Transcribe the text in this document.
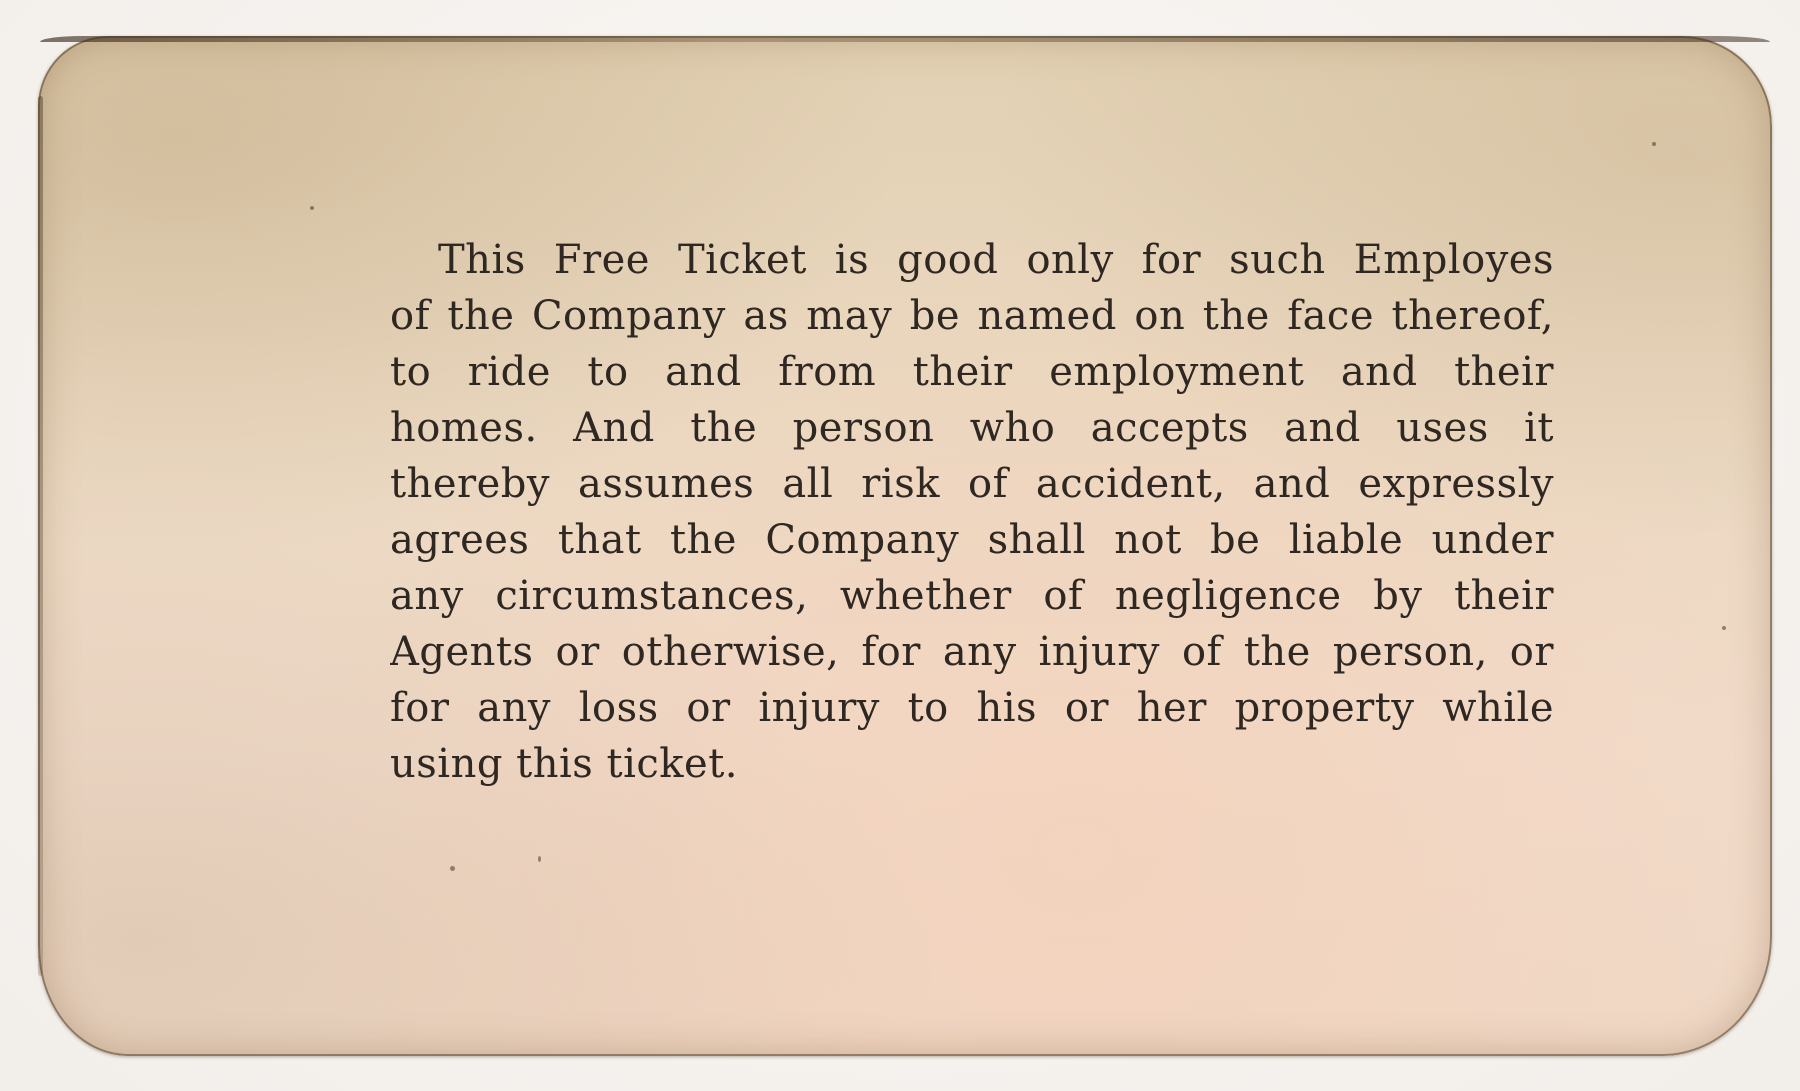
This Free Ticket is good only for such Employes
of the Company as may be named on the face thereof,
to ride to and from their employment and their
homes. And the person who accepts and uses it
thereby assumes all risk of accident, and expressly
agrees that the Company shall not be liable under
any circumstances, whether of negligence by their
Agents or otherwise, for any injury of the person, or
for any loss or injury to his or her property while
using this ticket.
